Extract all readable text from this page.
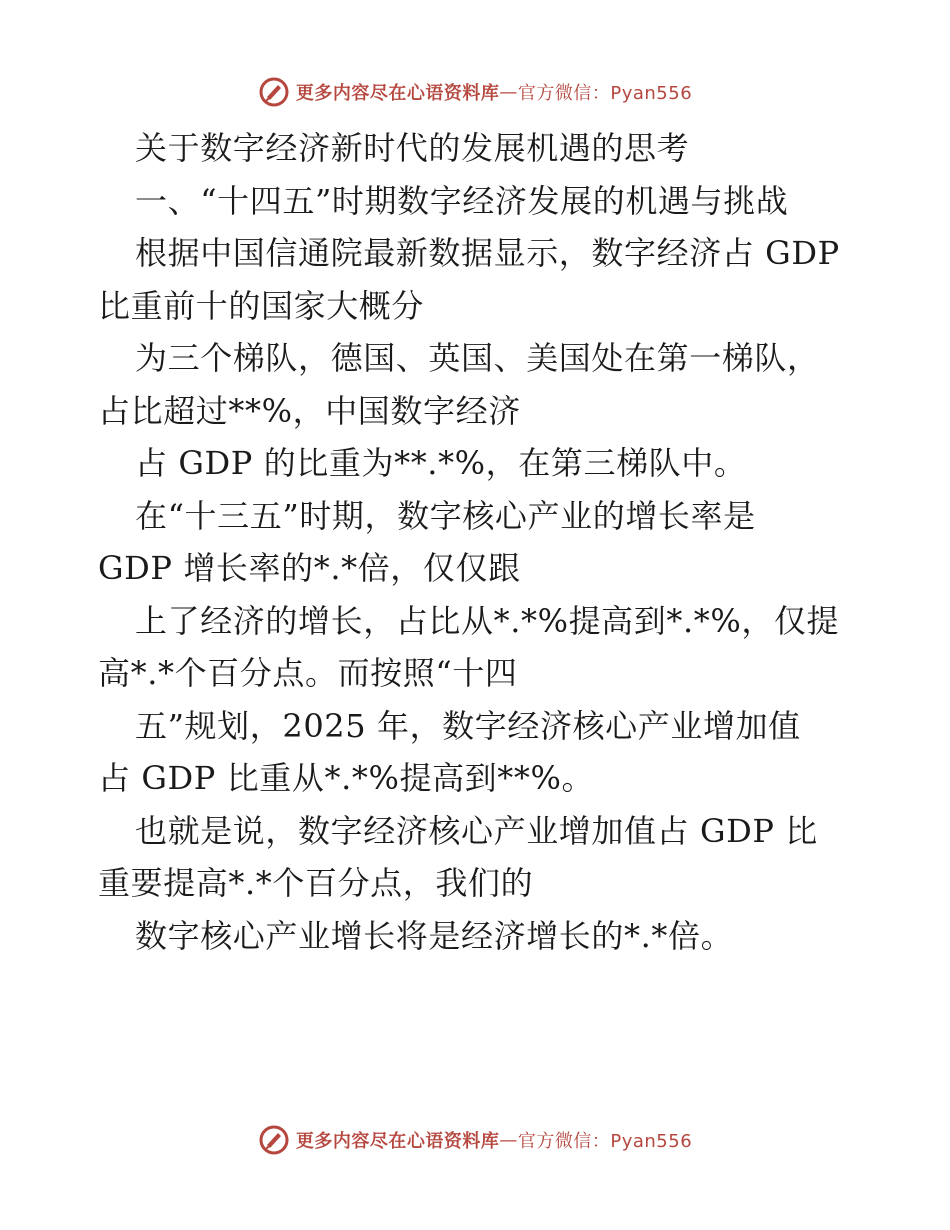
更多内容尽在心语资料库 — 官方微信：Pyan556
关于数字经济新时代的发展机遇的思考
一、“十四五”时期数字经济发展的机遇与挑战
根据中国信通院最新数据显示，数字经济占 GDP
比重前十的国家大概分
为三个梯队，德国、英国、美国处在第一梯队，
占比超过**%，中国数字经济
占 GDP 的比重为**.*%，在第三梯队中。
在“十三五”时期，数字核心产业的增长率是
GDP 增长率的*.*倍，仅仅跟
上了经济的增长，占比从*.*%提高到*.*%，仅提
高*.*个百分点。而按照“十四
五”规划，2025 年，数字经济核心产业增加值
占 GDP 比重从*.*%提高到**%。
也就是说，数字经济核心产业增加值占 GDP 比
重要提高*.*个百分点，我们的
数字核心产业增长将是经济增长的*.*倍。
更多内容尽在心语资料库 — 官方微信：Pyan556
